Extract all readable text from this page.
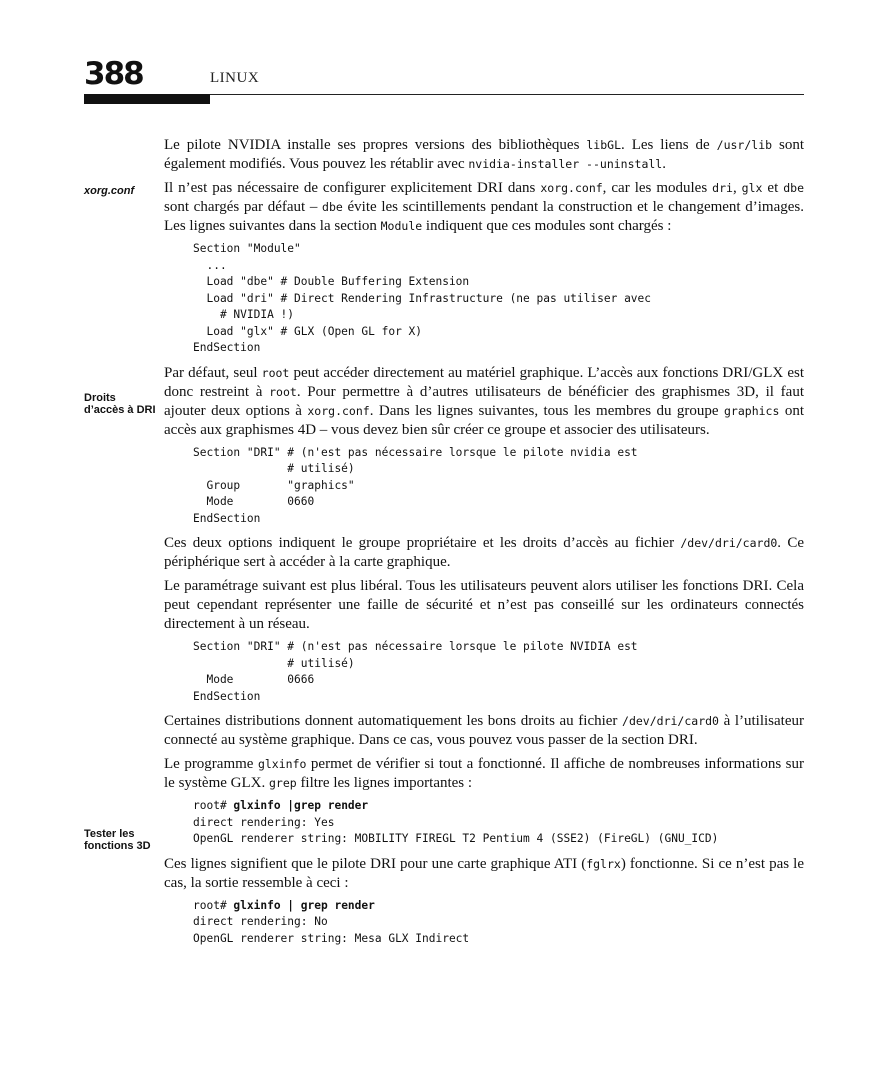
388	LINUX
xorg.conf
Droits d’accès à DRI
Tester les fonctions 3D

Le pilote NVIDIA installe ses propres versions des bibliothèques libGL. Les liens de /usr/lib sont également modifiés. Vous pouvez les rétablir avec nvidia-installer --uninstall.

Il n’est pas nécessaire de configurer explicitement DRI dans xorg.conf, car les modules dri, glx et dbe sont chargés par défaut – dbe évite les scintillements pendant la construction et le changement d’images. Les lignes suivantes dans la section Module indiquent que ces modules sont chargés :

Section "Module"
...
Load "dbe" # Double Buffering Extension
Load "dri" # Direct Rendering Infrastructure (ne pas utiliser avec
# NVIDIA !)
Load "glx" # GLX (Open GL for X)
EndSection

Par défaut, seul root peut accéder directement au matériel graphique. L’accès aux fonctions DRI/GLX est donc restreint à root. Pour permettre à d’autres utilisateurs de bénéficier des graphismes 3D, il faut ajouter deux options à xorg.conf. Dans les lignes suivantes, tous les membres du groupe graphics ont accès aux graphismes 4D – vous devez bien sûr créer ce groupe et associer des utilisateurs.

Section "DRI" # (n'est pas nécessaire lorsque le pilote nvidia est
# utilisé)
Group       "graphics"
Mode        0660
EndSection

Ces deux options indiquent le groupe propriétaire et les droits d’accès au fichier /dev/dri/card0. Ce périphérique sert à accéder à la carte graphique.

Le paramétrage suivant est plus libéral. Tous les utilisateurs peuvent alors utiliser les fonctions DRI. Cela peut cependant représenter une faille de sécurité et n’est pas conseillé sur les ordinateurs connectés directement à un réseau.

Section "DRI" # (n'est pas nécessaire lorsque le pilote NVIDIA est
# utilisé)
Mode        0666
EndSection

Certaines distributions donnent automatiquement les bons droits au fichier /dev/dri/card0 à l’utilisateur connecté au système graphique. Dans ce cas, vous pouvez vous passer de la section DRI.

Le programme glxinfo permet de vérifier si tout a fonctionné. Il affiche de nombreuses informations sur le système GLX. grep filtre les lignes importantes :

root# glxinfo |grep render
direct rendering: Yes
OpenGL renderer string: MOBILITY FIREGL T2 Pentium 4 (SSE2) (FireGL) (GNU_ICD)

Ces lignes signifient que le pilote DRI pour une carte graphique ATI (fglrx) fonctionne. Si ce n’est pas le cas, la sortie ressemble à ceci :

root# glxinfo | grep render
direct rendering: No
OpenGL renderer string: Mesa GLX Indirect
